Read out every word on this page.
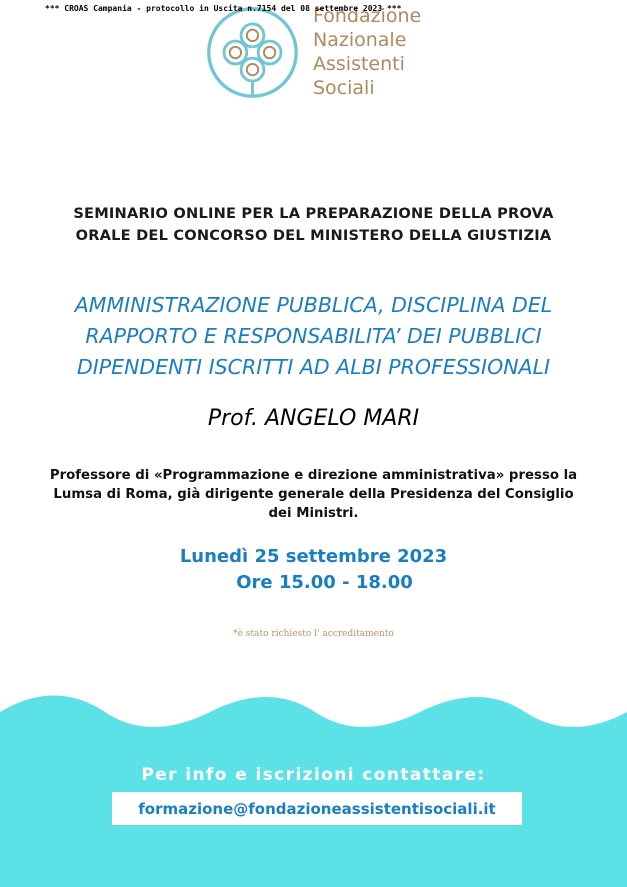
*** CROAS Campania - protocollo in Uscita n.7154 del 08 settembre 2023 ***
Fondazione
Nazionale
Assistenti
Sociali
SEMINARIO ONLINE PER LA PREPARAZIONE DELLA PROVA
ORALE DEL CONCORSO DEL MINISTERO DELLA GIUSTIZIA
AMMINISTRAZIONE PUBBLICA, DISCIPLINA DEL
RAPPORTO E RESPONSABILITA’ DEI PUBBLICI
DIPENDENTI ISCRITTI AD ALBI PROFESSIONALI
Prof. ANGELO MARI
Professore di «Programmazione e direzione amministrativa» presso la
Lumsa di Roma, già dirigente generale della Presidenza del Consiglio
dei Ministri.
Lunedì 25 settembre 2023
Ore 15.00 - 18.00
*è stato richiesto l' accreditamento
Per info e iscrizioni contattare:
formazione@fondazioneassistentisociali.it
